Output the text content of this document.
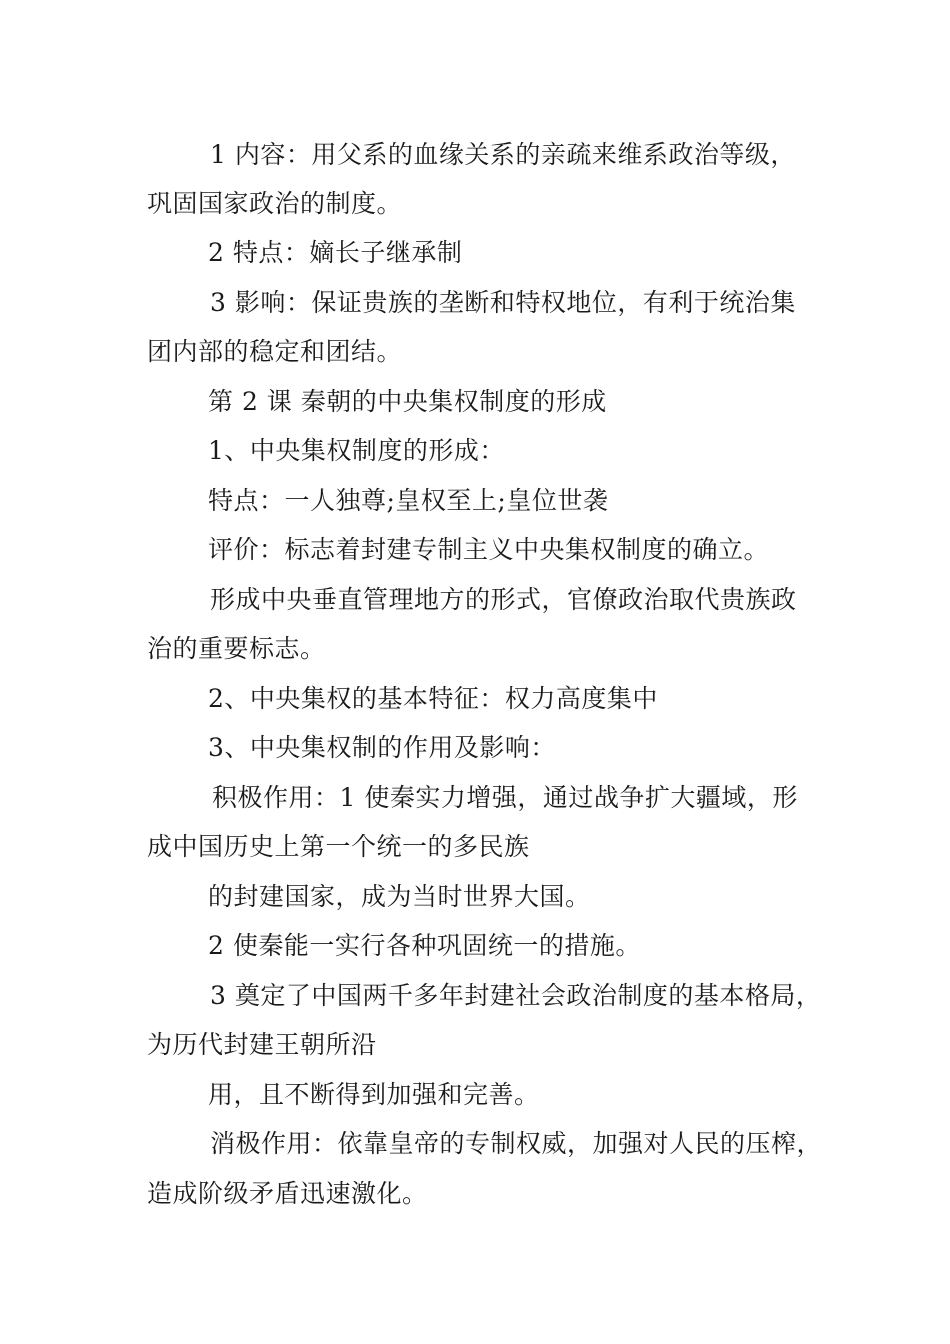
1 内容：用父系的血缘关系的亲疏来维系政治等级，
巩固国家政治的制度。
2 特点：嫡长子继承制
3 影响：保证贵族的垄断和特权地位，有利于统治集
团内部的稳定和团结。
第 2 课 秦朝的中央集权制度的形成
1、中央集权制度的形成：
特点：一人独尊;皇权至上;皇位世袭
评价：标志着封建专制主义中央集权制度的确立。
形成中央垂直管理地方的形式，官僚政治取代贵族政
治的重要标志。
2、中央集权的基本特征：权力高度集中
3、中央集权制的作用及影响：
积极作用：1 使秦实力增强，通过战争扩大疆域，形
成中国历史上第一个统一的多民族
的封建国家，成为当时世界大国。
2 使秦能一实行各种巩固统一的措施。
3 奠定了中国两千多年封建社会政治制度的基本格局，
为历代封建王朝所沿
用，且不断得到加强和完善。
消极作用：依靠皇帝的专制权威，加强对人民的压榨，
造成阶级矛盾迅速激化。
